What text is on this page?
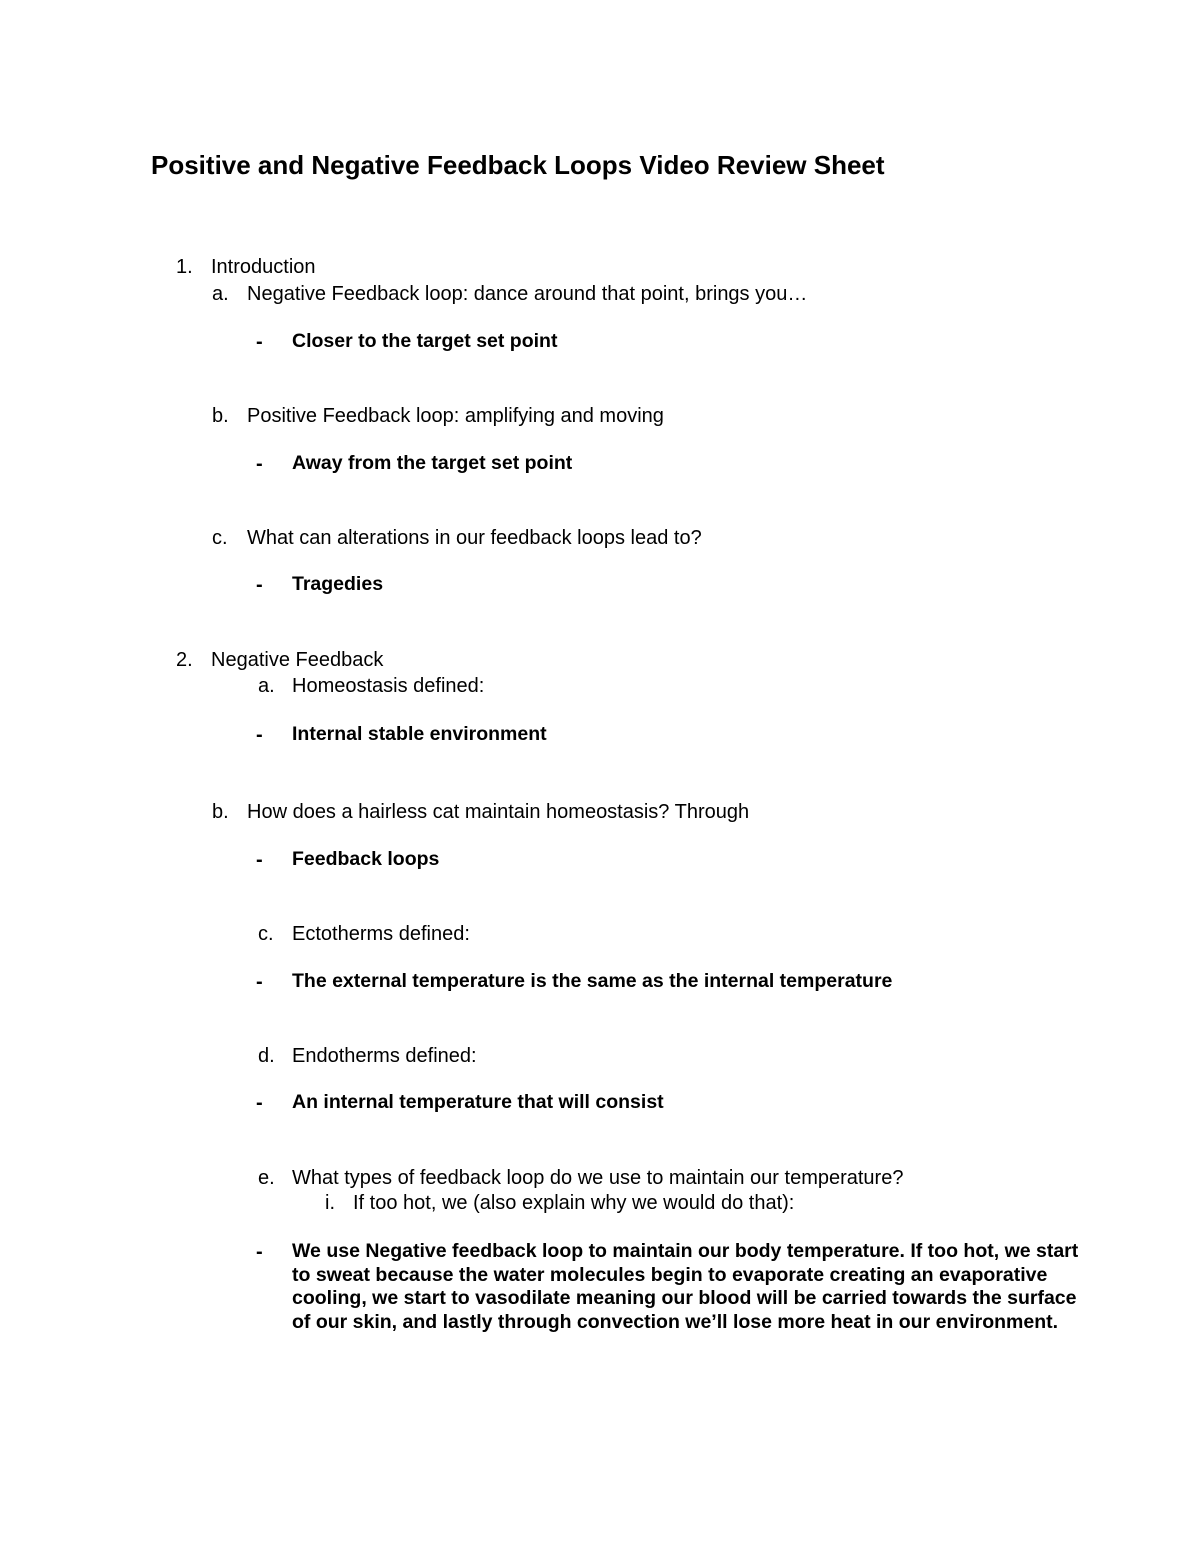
Positive and Negative Feedback Loops Video Review Sheet
1. Introduction
a. Negative Feedback loop: dance around that point, brings you…
- Closer to the target set point
b. Positive Feedback loop: amplifying and moving
- Away from the target set point
c. What can alterations in our feedback loops lead to?
- Tragedies
2. Negative Feedback
a. Homeostasis defined:
- Internal stable environment
b. How does a hairless cat maintain homeostasis? Through
- Feedback loops
c. Ectotherms defined:
- The external temperature is the same as the internal temperature
d. Endotherms defined:
- An internal temperature that will consist
e. What types of feedback loop do we use to maintain our temperature?
i. If too hot, we (also explain why we would do that):
- We use Negative feedback loop to maintain our body temperature. If too hot, we start to sweat because the water molecules begin to evaporate creating an evaporative cooling, we start to vasodilate meaning our blood will be carried towards the surface of our skin, and lastly through convection we’ll lose more heat in our environment.
